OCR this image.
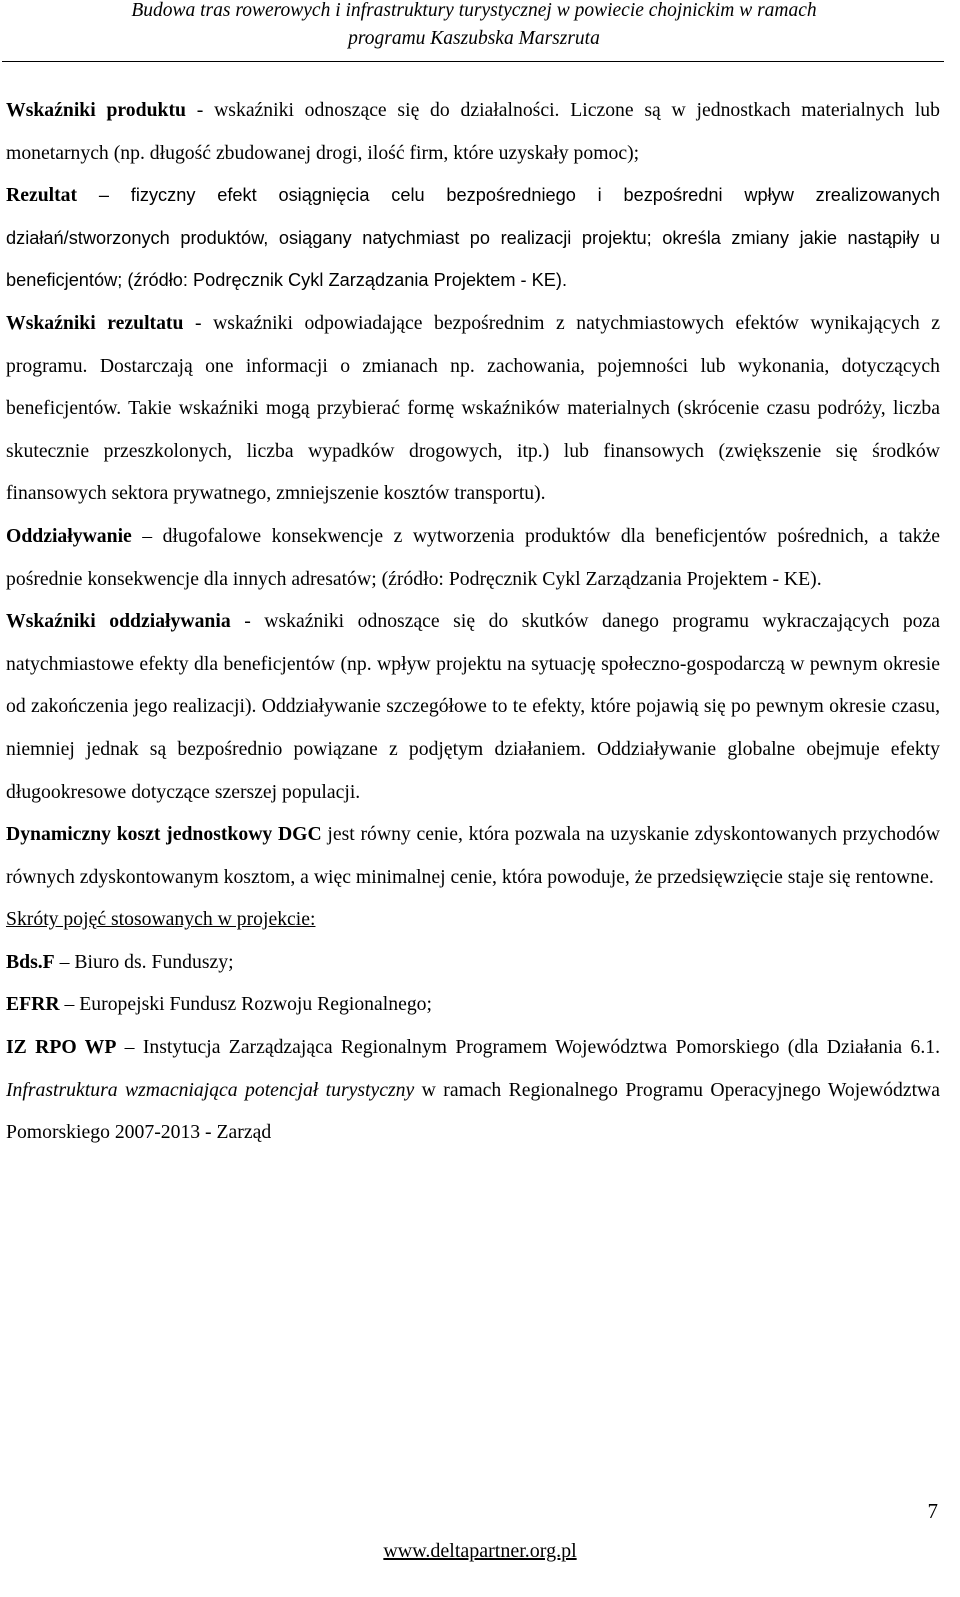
Budowa tras rowerowych i infrastruktury turystycznej w powiecie chojnickim w ramach
programu Kaszubska Marszruta

Wskaźniki produktu - wskaźniki odnoszące się do działalności. Liczone są w jednostkach materialnych lub monetarnych (np. długość zbudowanej drogi, ilość firm, które uzyskały pomoc);

Rezultat – fizyczny efekt osiągnięcia celu bezpośredniego i bezpośredni wpływ zrealizowanych działań/stworzonych produktów, osiągany natychmiast po realizacji projektu; określa zmiany jakie nastąpiły u beneficjentów; (źródło: Podręcznik Cykl Zarządzania Projektem - KE).

Wskaźniki rezultatu - wskaźniki odpowiadające bezpośrednim z natychmiastowych efektów wynikających z programu. Dostarczają one informacji o zmianach np. zachowania, pojemności lub wykonania, dotyczących beneficjentów. Takie wskaźniki mogą przybierać formę wskaźników materialnych (skrócenie czasu podróży, liczba skutecznie przeszkolonych, liczba wypadków drogowych, itp.) lub finansowych (zwiększenie się środków finansowych sektora prywatnego, zmniejszenie kosztów transportu).

Oddziaływanie – długofalowe konsekwencje z wytworzenia produktów dla beneficjentów pośrednich, a także pośrednie konsekwencje dla innych adresatów; (źródło: Podręcznik Cykl Zarządzania Projektem - KE).

Wskaźniki oddziaływania - wskaźniki odnoszące się do skutków danego programu wykraczających poza natychmiastowe efekty dla beneficjentów (np. wpływ projektu na sytuację społeczno-gospodarczą w pewnym okresie od zakończenia jego realizacji). Oddziaływanie szczegółowe to te efekty, które pojawią się po pewnym okresie czasu, niemniej jednak są bezpośrednio powiązane z podjętym działaniem. Oddziaływanie globalne obejmuje efekty długookresowe dotyczące szerszej populacji.

Dynamiczny koszt jednostkowy DGC jest równy cenie, która pozwala na uzyskanie zdyskontowanych przychodów równych zdyskontowanym kosztom, a więc minimalnej cenie, która powoduje, że przedsięwzięcie staje się rentowne.

Skróty pojęć stosowanych w projekcie:

Bds.F – Biuro ds. Funduszy;

EFRR – Europejski Fundusz Rozwoju Regionalnego;

IZ RPO WP – Instytucja Zarządzająca Regionalnym Programem Województwa Pomorskiego (dla Działania 6.1. Infrastruktura wzmacniająca potencjał turystyczny w ramach Regionalnego Programu Operacyjnego Województwa Pomorskiego 2007-2013 - Zarząd

7
www.deltapartner.org.pl
